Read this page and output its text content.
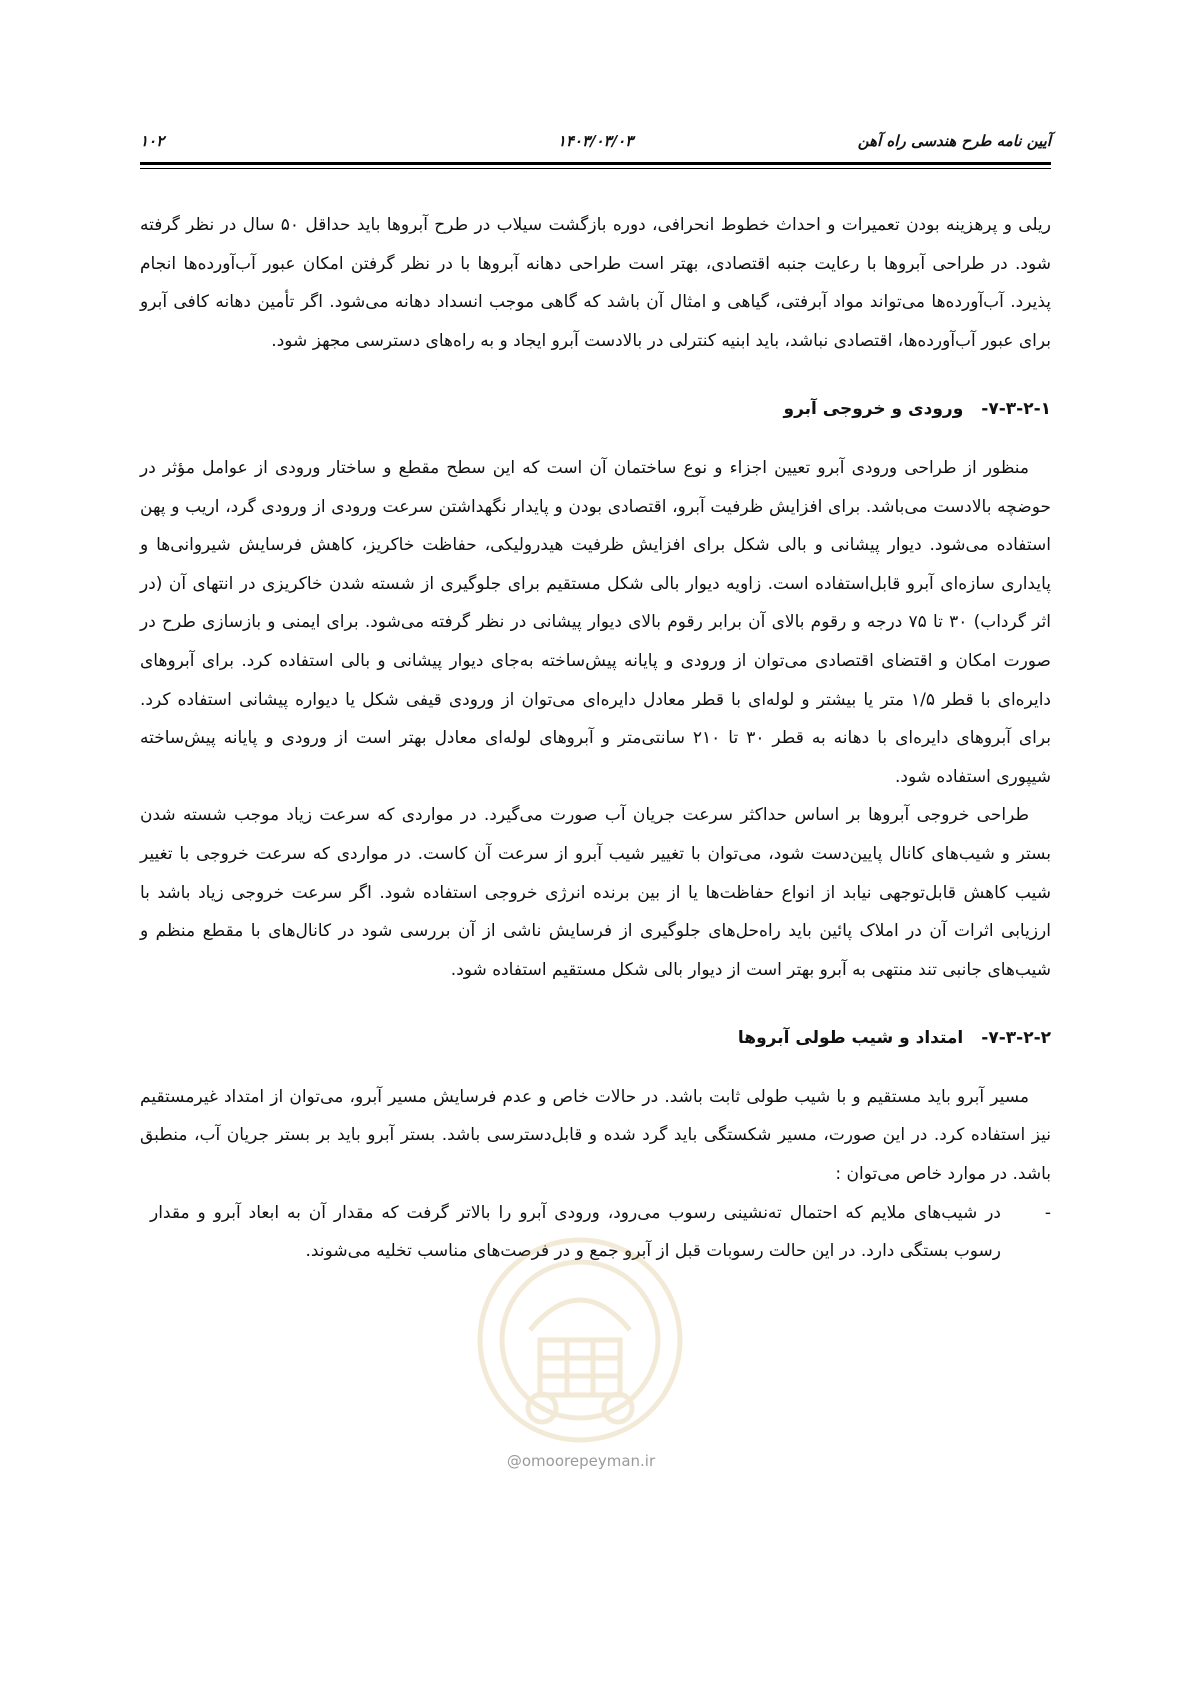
۱۰۲	۱۴۰۳/۰۳/۰۳	آیین نامه طرح هندسی راه آهن

ریلی و پرهزینه بودن تعمیرات و احداث خطوط انحرافی، دوره بازگشت سیلاب در طرح آبروها باید حداقل ۵۰ سال در نظر گرفته شود. در طراحی آبروها با رعایت جنبه اقتصادی، بهتر است طراحی دهانه آبروها با در نظر گرفتن امکان عبور آب‌آورده‌ها انجام پذیرد. آب‌آورده‌ها می‌تواند مواد آبرفتی، گیاهی و امثال آن باشد که گاهی موجب انسداد دهانه می‌شود. اگر تأمین دهانه کافی آبرو برای عبور آب‌آورده‌ها، اقتصادی نباشد، باید ابنیه کنترلی در بالادست آبرو ایجاد و به راه‌های دسترسی مجهز شود.

۷-۳-۲-۱-ورودی و خروجی آبرو

منظور از طراحی ورودی آبرو تعیین اجزاء و نوع ساختمان آن است که این سطح مقطع و ساختار ورودی از عوامل مؤثر در حوضچه بالادست می‌باشد. برای افزایش ظرفیت آبرو، اقتصادی بودن و پایدار نگهداشتن سرعت ورودی از ورودی گرد، اریب و پهن استفاده می‌شود. دیوار پیشانی و بالی شکل برای افزایش ظرفیت هیدرولیکی، حفاظت خاکریز، کاهش فرسایش شیروانی‌ها و پایداری سازه‌ای آبرو قابل‌استفاده است. زاویه دیوار بالی شکل مستقیم برای جلوگیری از شسته شدن خاکریزی در انتهای آن (در اثر گرداب) ۳۰ تا ۷۵ درجه و رقوم بالای آن برابر رقوم بالای دیوار پیشانی در نظر گرفته می‌شود. برای ایمنی و بازسازی طرح در صورت امکان و اقتضای اقتصادی می‌توان از ورودی و پایانه پیش‌ساخته به‌جای دیوار پیشانی و بالی استفاده کرد. برای آبروهای دایره‌ای با قطر ۱/۵ متر یا بیشتر و لوله‌ای با قطر معادل دایره‌ای می‌توان از ورودی قیفی شکل یا دیواره پیشانی استفاده کرد. برای آبروهای دایره‌ای با دهانه به قطر ۳۰ تا ۲۱۰ سانتی‌متر و آبروهای لوله‌ای معادل بهتر است از ورودی و پایانه پیش‌ساخته شیپوری استفاده شود.

طراحی خروجی آبروها بر اساس حداکثر سرعت جریان آب صورت می‌گیرد. در مواردی که سرعت زیاد موجب شسته شدن بستر و شیب‌های کانال پایین‌دست شود، می‌توان با تغییر شیب آبرو از سرعت آن کاست. در مواردی که سرعت خروجی با تغییر شیب کاهش قابل‌توجهی نیابد از انواع حفاظت‌ها یا از بین برنده انرژی خروجی استفاده شود. اگر سرعت خروجی زیاد باشد با ارزیابی اثرات آن در املاک پائین باید راه‌حل‌های جلوگیری از فرسایش ناشی از آن بررسی شود در کانال‌های با مقطع منظم و شیب‌های جانبی تند منتهی به آبرو بهتر است از دیوار بالی شکل مستقیم استفاده شود.

۷-۳-۲-۲-امتداد و شیب طولی آبروها

مسیر آبرو باید مستقیم و با شیب طولی ثابت باشد. در حالات خاص و عدم فرسایش مسیر آبرو، می‌توان از امتداد غیرمستقیم نیز استفاده کرد. در این صورت، مسیر شکستگی باید گرد شده و قابل‌دسترسی باشد. بستر آبرو باید بر بستر جریان آب، منطبق باشد. در موارد خاص می‌توان :

-
در شیب‌های ملایم که احتمال ته‌نشینی رسوب می‌رود، ورودی آبرو را بالاتر گرفت که مقدار آن به ابعاد آبرو و مقدار رسوب بستگی دارد. در این حالت رسوبات قبل از آبرو جمع و در فرصت‌های مناسب تخلیه می‌شوند.
@omoorepeyman.ir
